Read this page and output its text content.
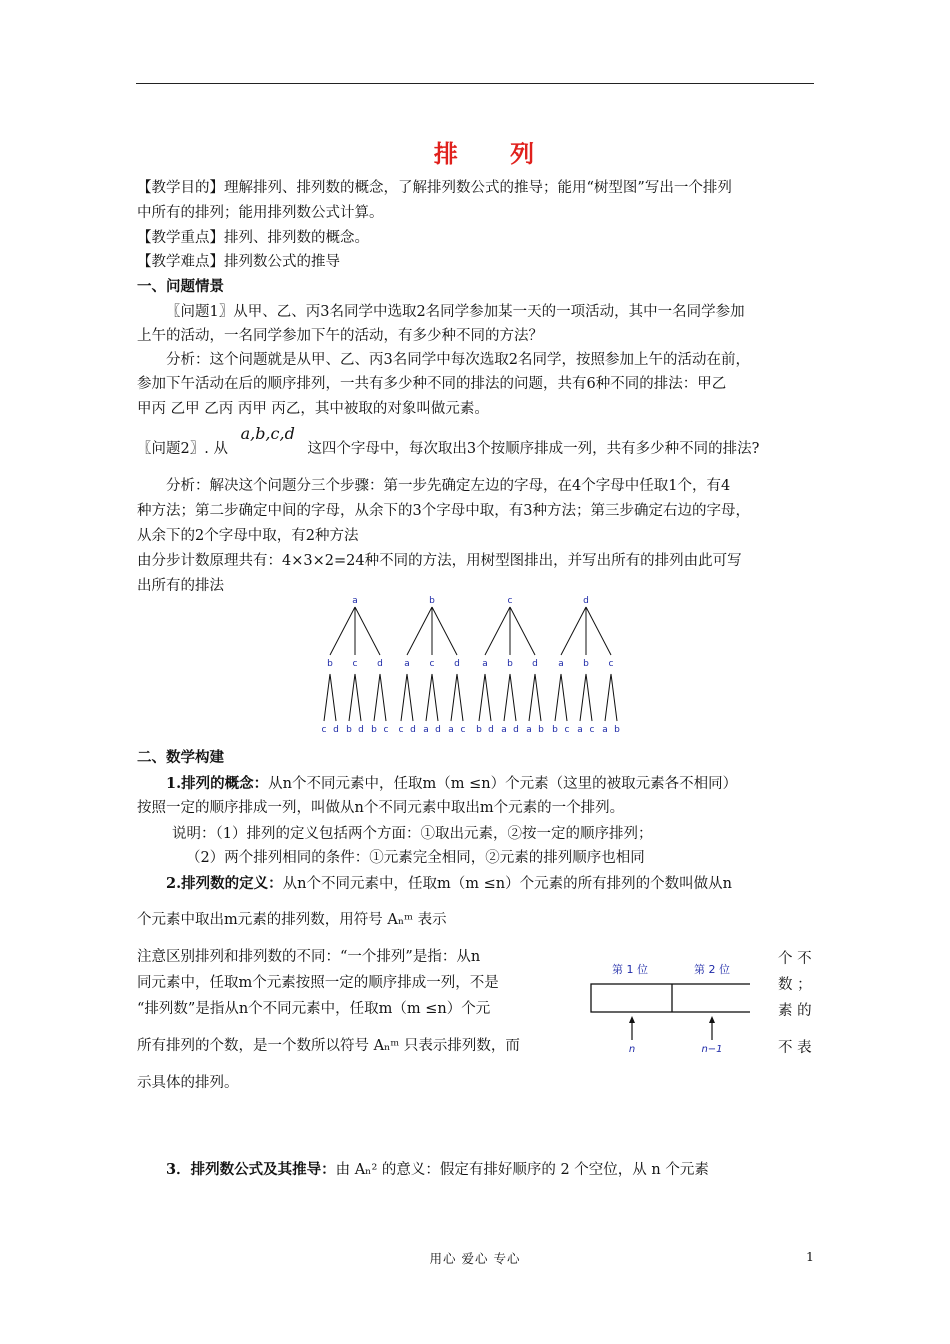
排 列
【教学目的】理解排列、排列数的概念，了解排列数公式的推导；能用“树型图”写出一个排列
中所有的排列；能用排列数公式计算。
【教学重点】排列、排列数的概念。
【教学难点】排列数公式的推导
一、问题情景
〖问题1〗从甲、乙、丙3名同学中选取2名同学参加某一天的一项活动，其中一名同学参加
上午的活动，一名同学参加下午的活动，有多少种不同的方法？
分析：这个问题就是从甲、乙、丙3名同学中每次选取2名同学，按照参加上午的活动在前，
参加下午活动在后的顺序排列，一共有多少种不同的排法的问题，共有6种不同的排法：甲乙
甲丙 乙甲 乙丙 丙甲 丙乙，其中被取的对象叫做元素。
〖问题2〗. 从 a,b,c,d 这四个字母中，每次取出3个按顺序排成一列，共有多少种不同的排法?
分析：解决这个问题分三个步骤：第一步先确定左边的字母，在4个字母中任取1个，有4
种方法；第二步确定中间的字母，从余下的3个字母中取，有3种方法；第三步确定右边的字母，
从余下的2个字母中取，有2种方法
由分步计数原理共有：4×3×2=24种不同的方法，用树型图排出，并写出所有的排列由此可写
出所有的排法
a
b
c d
c
b d
d
b c
b
a
c d
c
a d
d
a c
c
a
b d
b
a d
d
a b
d
a
b c
b
a c
c
a b
二、数学构建
1.排列的概念：从n个不同元素中，任取m（m ≤n）个元素（这里的被取元素各不相同）
按照一定的顺序排成一列，叫做从n个不同元素中取出m个元素的一个排列。
说明：（1）排列的定义包括两个方面：①取出元素，②按一定的顺序排列；
（2）两个排列相同的条件：①元素完全相同，②元素的排列顺序也相同
2.排列数的定义：从n个不同元素中，任取m（m ≤n）个元素的所有排列的个数叫做从n
个元素中取出m元素的排列数，用符号 Aₙᵐ 表示
注意区别排列和排列数的不同：“一个排列”是指：从n
同元素中，任取m个元素按照一定的顺序排成一列，不是
“排列数”是指从n个不同元素中，任取m（m ≤n）个元
所有排列的个数，是一个数所以符号 Aₙᵐ 只表示排列数，而
示具体的排列。
个 不
数 ；
素 的
不 表
第 1 位	第 2 位
n	n−1
3．排列数公式及其推导：由 Aₙ² 的意义：假定有排好顺序的 2 个空位，从 n 个元素
用心 爱心 专心	1
